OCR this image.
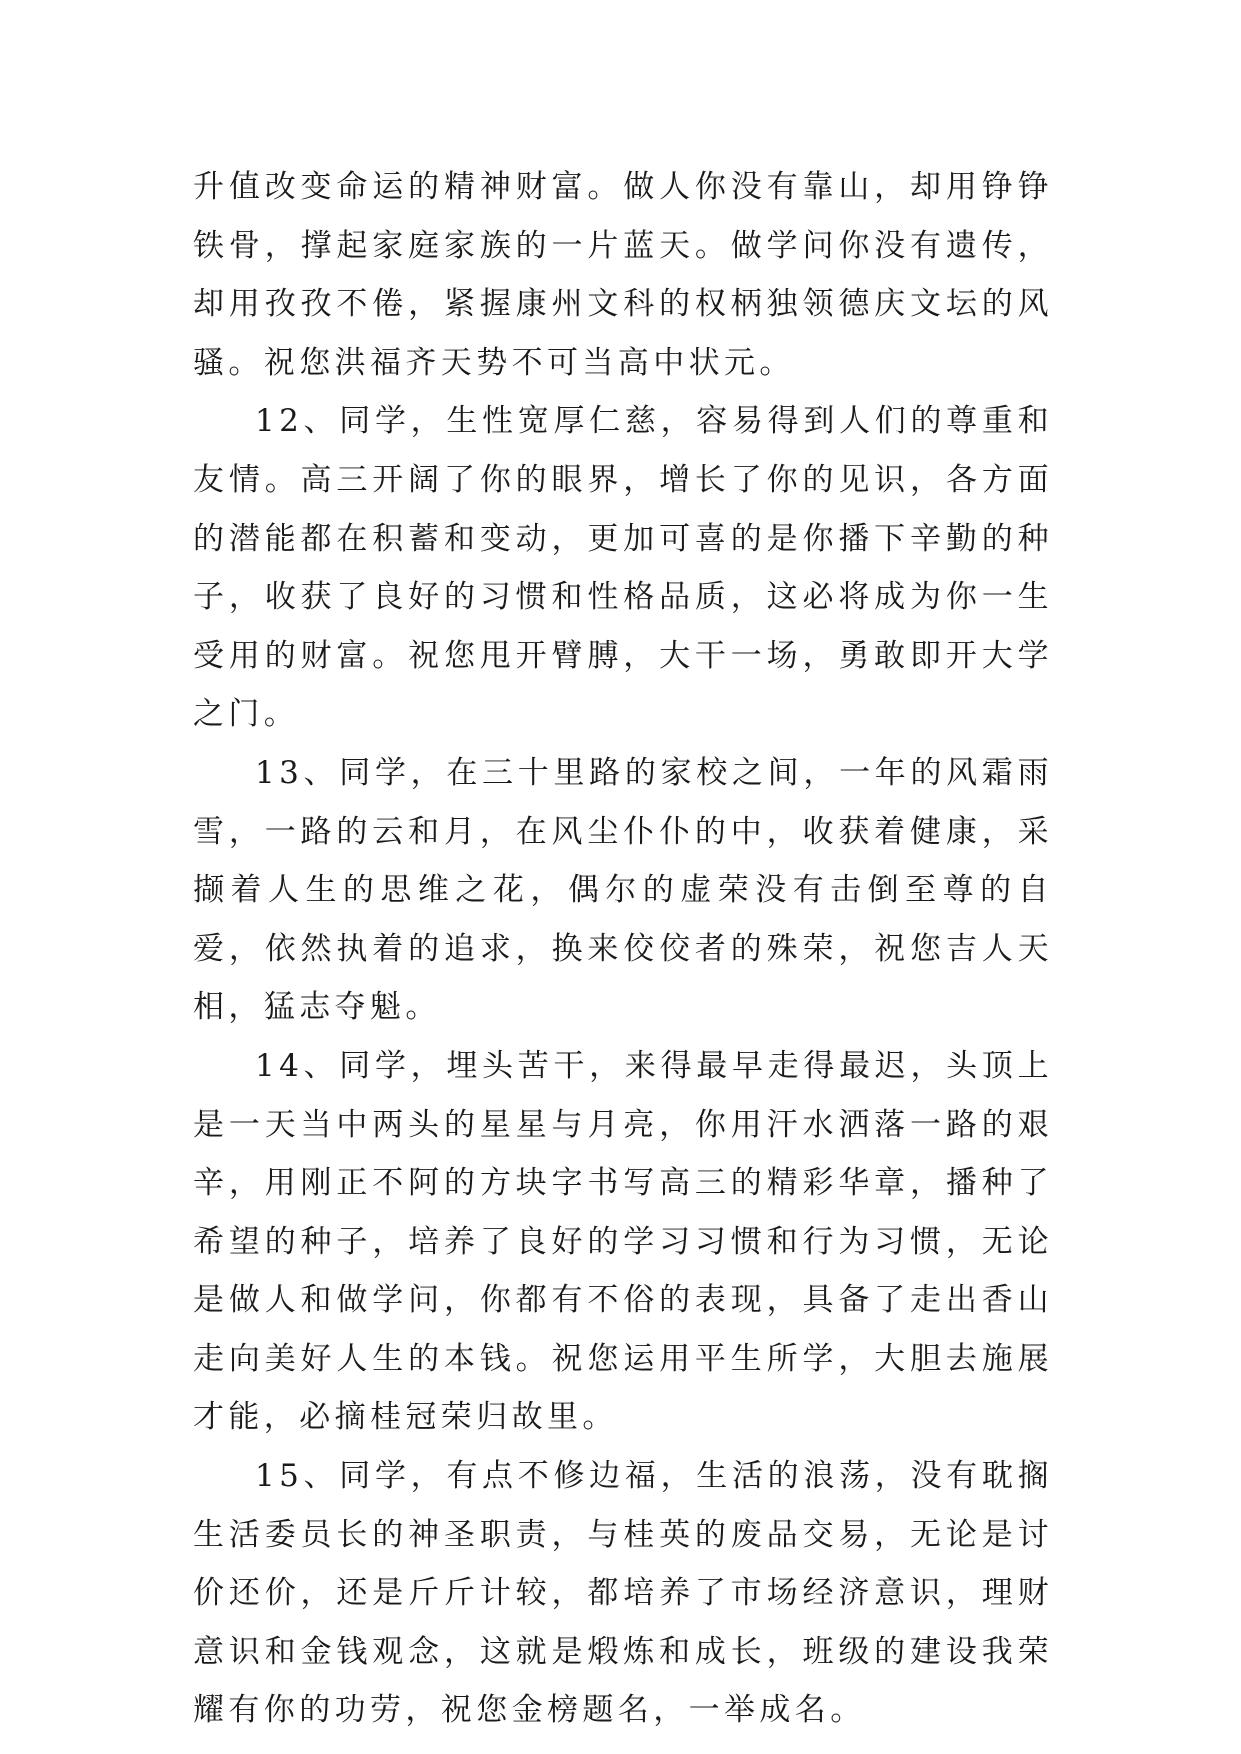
升值改变命运的精神财富。做人你没有靠山，却用铮铮铁骨，撑起家庭家族的一片蓝天。做学问你没有遗传，却用孜孜不倦，紧握康州文科的权柄独领德庆文坛的风骚。祝您洪福齐天势不可当高中状元。

12、同学，生性宽厚仁慈，容易得到人们的尊重和友情。高三开阔了你的眼界，增长了你的见识，各方面的潜能都在积蓄和变动，更加可喜的是你播下辛勤的种子，收获了良好的习惯和性格品质，这必将成为你一生受用的财富。祝您甩开臂膊，大干一场，勇敢即开大学之门。

13、同学，在三十里路的家校之间，一年的风霜雨雪，一路的云和月，在风尘仆仆的中，收获着健康，采撷着人生的思维之花，偶尔的虚荣没有击倒至尊的自爱，依然执着的追求，换来佼佼者的殊荣，祝您吉人天相，猛志夺魁。

14、同学，埋头苦干，来得最早走得最迟，头顶上是一天当中两头的星星与月亮，你用汗水洒落一路的艰辛，用刚正不阿的方块字书写高三的精彩华章，播种了希望的种子，培养了良好的学习习惯和行为习惯，无论是做人和做学问，你都有不俗的表现，具备了走出香山走向美好人生的本钱。祝您运用平生所学，大胆去施展才能，必摘桂冠荣归故里。

15、同学，有点不修边福，生活的浪荡，没有耽搁生活委员长的神圣职责，与桂英的废品交易，无论是讨价还价，还是斤斤计较，都培养了市场经济意识，理财意识和金钱观念，这就是煅炼和成长，班级的建设我荣耀有你的功劳，祝您金榜题名，一举成名。
